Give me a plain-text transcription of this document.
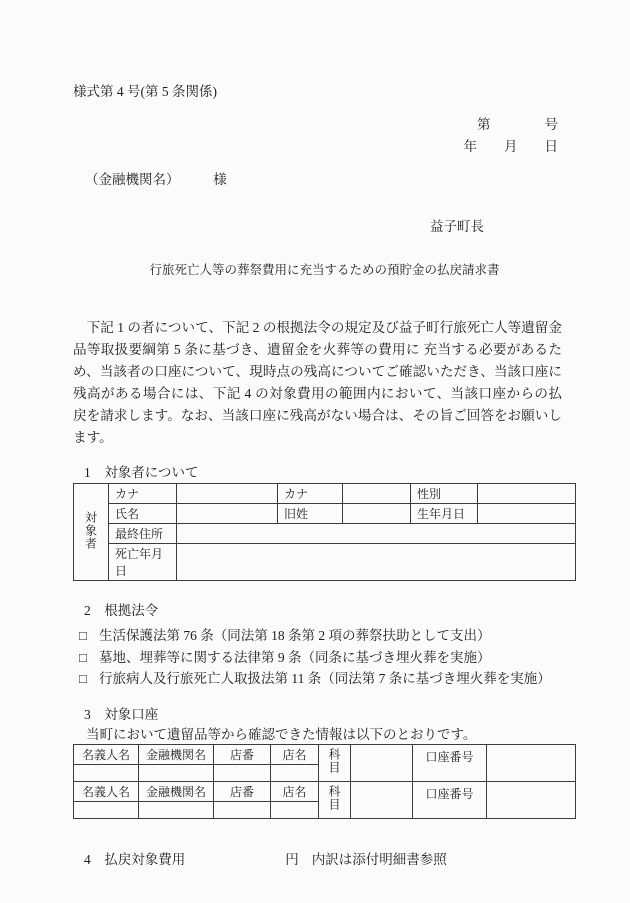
様式第 4 号(第 5 条関係)
第　　　　号
年　　月　　日
（金融機関名）　　　様
益子町長
行旅死亡人等の葬祭費用に充当するための預貯金の払戻請求書

　下記 1 の者について、下記 2 の根拠法令の規定及び益子町行旅死亡人等遺留金品等取扱要綱第 5 条に基づき、遺留金を火葬等の費用に 充当する必要があるため、当該者の口座について、現時点の残高についてご確認いただき、当該口座に残高がある場合には、下記 4 の対象費用の範囲内において、当該口座からの払戻を請求します。なお、当該口座に残高がない場合は、その旨ご回答をお願いします。

1　対象者について
対象者	カナ		カナ		性別	
	氏名		旧姓		生年月日	
	最終住所					
	死亡年月日					
2　根拠法令
□ 生活保護法第 76 条（同法第 18 条第 2 項の葬祭扶助として支出）
□ 墓地、埋葬等に関する法律第 9 条（同条に基づき埋火葬を実施）
□ 行旅病人及行旅死亡人取扱法第 11 条（同法第 7 条に基づき埋火葬を実施）
3　対象口座
当町において遺留品等から確認できた情報は以下のとおりです。
名義人名	金融機関名	店番	店名	科目		口座番号	

名義人名	金融機関名	店番	店名	科目		口座番号	

4　払戻対象費用	円 内訳は添付明細書参照
